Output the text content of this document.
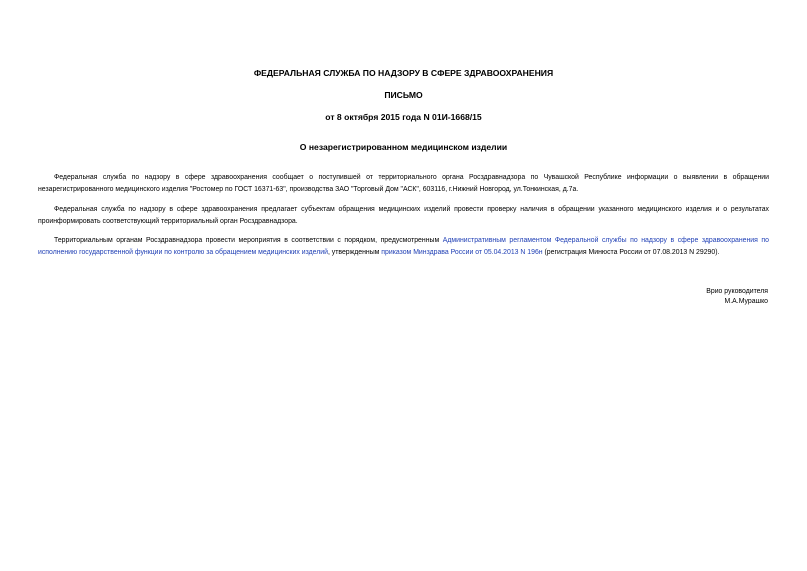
ФЕДЕРАЛЬНАЯ СЛУЖБА ПО НАДЗОРУ В СФЕРЕ ЗДРАВООХРАНЕНИЯ
ПИСЬМО
от 8 октября 2015 года N 01И-1668/15
О незарегистрированном медицинском изделии

Федеральная служба по надзору в сфере здравоохранения сообщает о поступившей от территориального органа Росздравнадзора по Чувашской Республике информации о выявлении в обращении незарегистрированного медицинского изделия "Ростомер по ГОСТ 16371-63", производства ЗАО "Торговый Дом "АСК", 603116, г.Нижний Новгород, ул.Тонкинская, д.7а.

Федеральная служба по надзору в сфере здравоохранения предлагает субъектам обращения медицинских изделий провести проверку наличия в обращении указанного медицинского изделия и о результатах проинформировать соответствующий территориальный орган Росздравнадзора.

Территориальным органам Росздравнадзора провести мероприятия в соответствии с порядком, предусмотренным Административным регламентом Федеральной службы по надзору в сфере здравоохранения по исполнению государственной функции по контролю за обращением медицинских изделий, утвержденным приказом Минздрава России от 05.04.2013 N 196н (регистрация Минюста России от 07.08.2013 N 29290).

Врио руководителя
М.А.Мурашко
